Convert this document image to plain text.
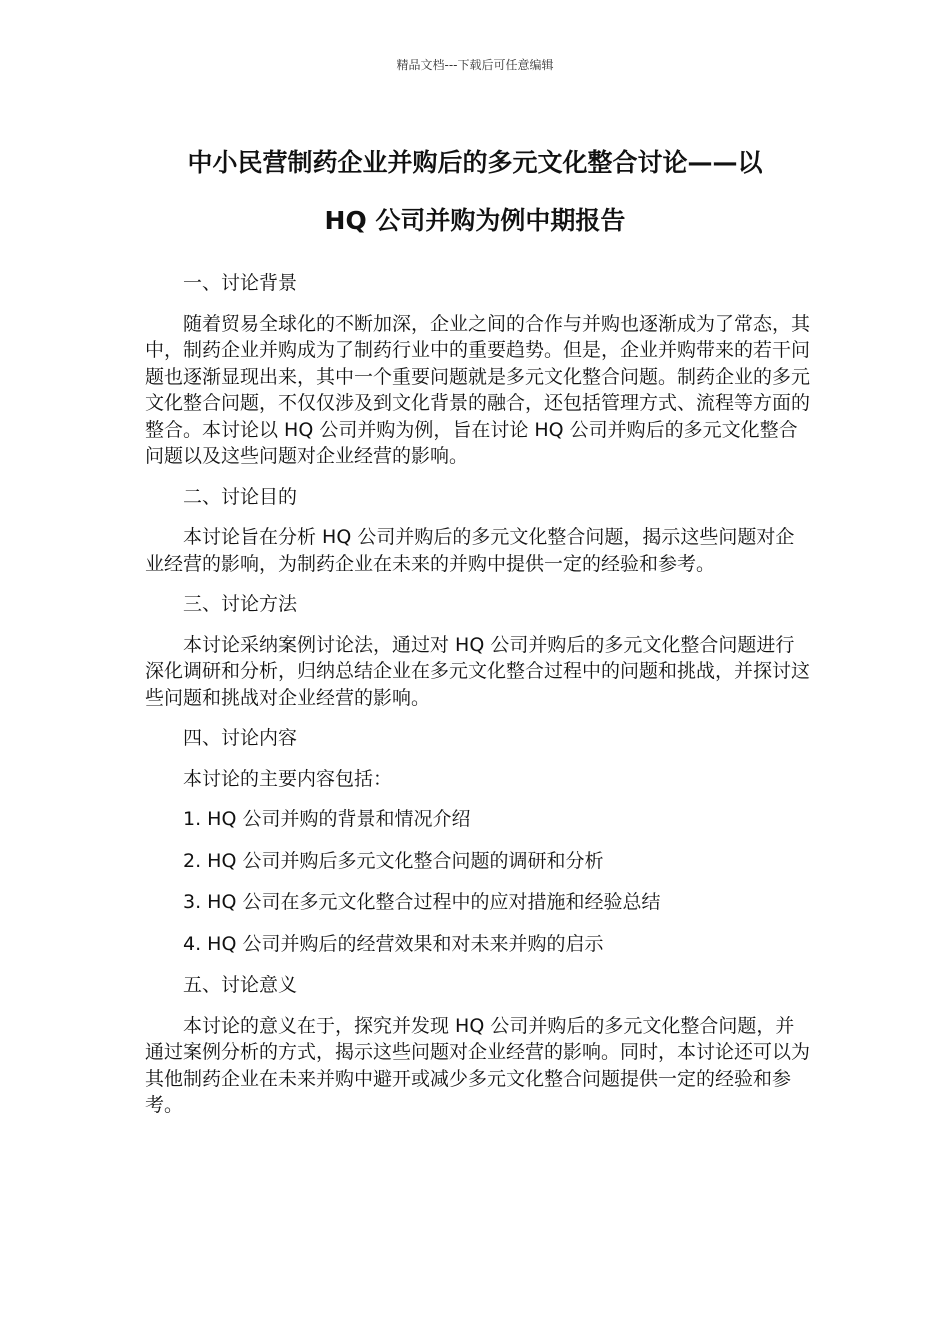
精品文档---下载后可任意编辑
中小民营制药企业并购后的多元文化整合讨论——以
HQ 公司并购为例中期报告

一、讨论背景

随着贸易全球化的不断加深，企业之间的合作与并购也逐渐成为了常态，其中，制药企业并购成为了制药行业中的重要趋势。但是，企业并购带来的若干问题也逐渐显现出来，其中一个重要问题就是多元文化整合问题。制药企业的多元文化整合问题，不仅仅涉及到文化背景的融合，还包括管理方式、流程等方面的整合。本讨论以 HQ 公司并购为例，旨在讨论 HQ 公司并购后的多元文化整合问题以及这些问题对企业经营的影响。

二、讨论目的

本讨论旨在分析 HQ 公司并购后的多元文化整合问题，揭示这些问题对企业经营的影响，为制药企业在未来的并购中提供一定的经验和参考。

三、讨论方法

本讨论采纳案例讨论法，通过对 HQ 公司并购后的多元文化整合问题进行深化调研和分析，归纳总结企业在多元文化整合过程中的问题和挑战，并探讨这些问题和挑战对企业经营的影响。

四、讨论内容

本讨论的主要内容包括：

1. HQ 公司并购的背景和情况介绍

2. HQ 公司并购后多元文化整合问题的调研和分析

3. HQ 公司在多元文化整合过程中的应对措施和经验总结

4. HQ 公司并购后的经营效果和对未来并购的启示

五、讨论意义

本讨论的意义在于，探究并发现 HQ 公司并购后的多元文化整合问题，并通过案例分析的方式，揭示这些问题对企业经营的影响。同时，本讨论还可以为其他制药企业在未来并购中避开或减少多元文化整合问题提供一定的经验和参考。
